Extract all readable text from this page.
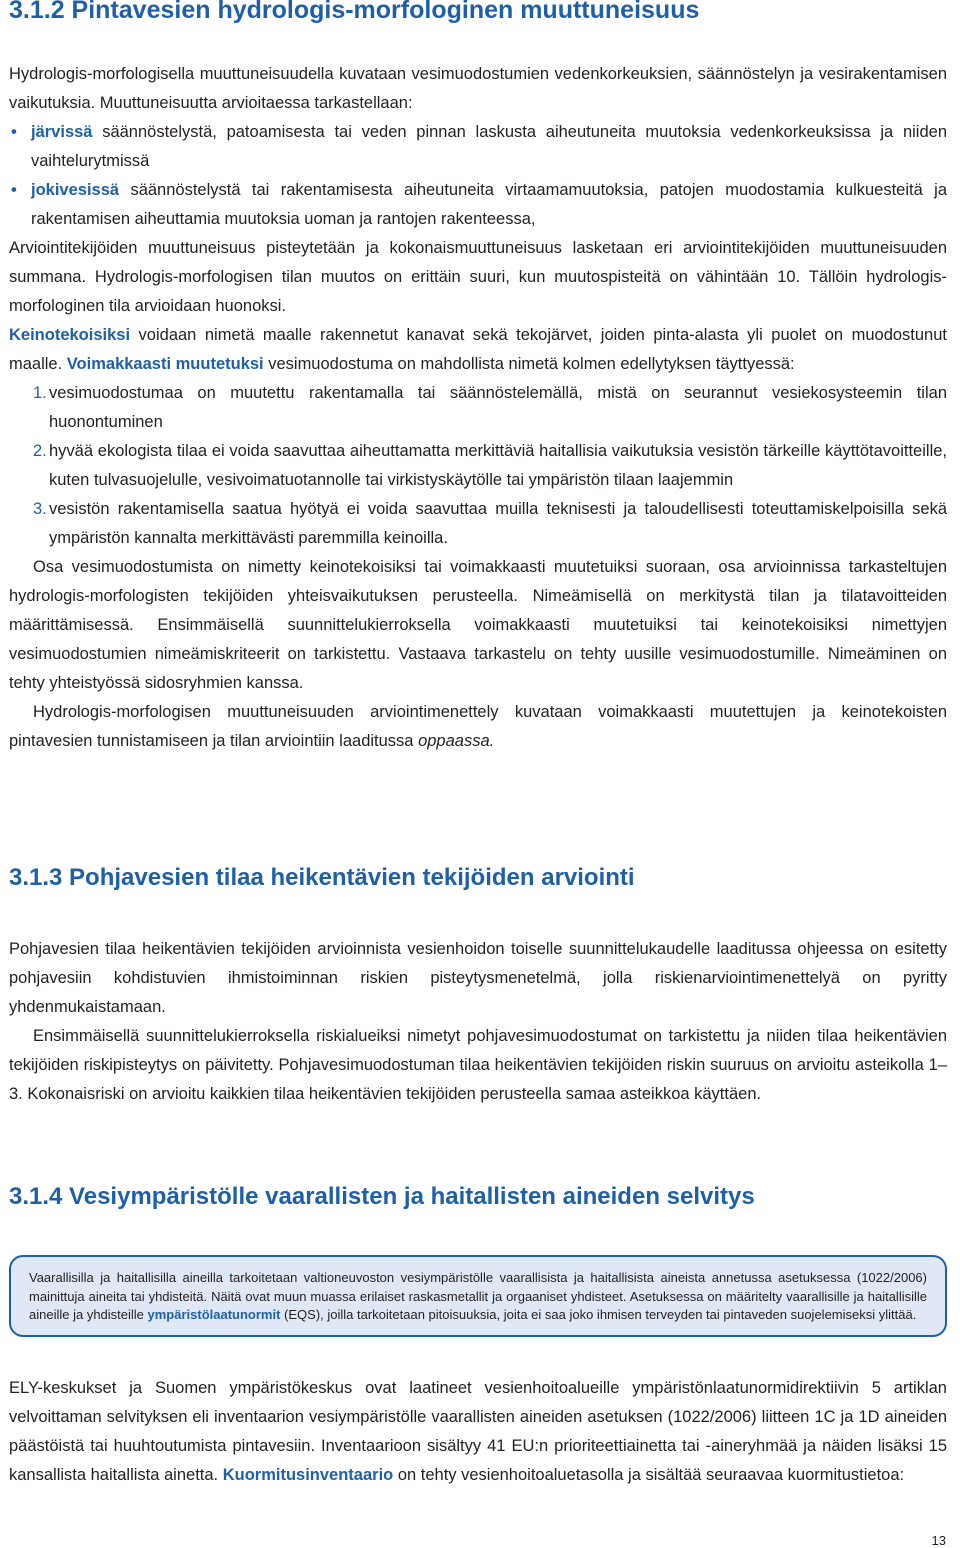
3.1.2 Pintavesien hydrologis-morfologinen muuttuneisuus

Hydrologis-morfologisella muuttuneisuudella kuvataan vesimuodostumien vedenkorkeuksien, säännöstelyn ja vesirakentamisen vaikutuksia. Muuttuneisuutta arvioitaessa tarkastellaan:

• järvissä säännöstelystä, patoamisesta tai veden pinnan laskusta aiheutuneita muutoksia vedenkorkeuksissa ja niiden vaihtelurytmissä

• jokivesissä säännöstelystä tai rakentamisesta aiheutuneita virtaamamuutoksia, patojen muodostamia kulkuesteitä ja rakentamisen aiheuttamia muutoksia uoman ja rantojen rakenteessa,

Arviointitekijöiden muuttuneisuus pisteytetään ja kokonaismuuttuneisuus lasketaan eri arviointitekijöiden muuttuneisuuden summana. Hydrologis-morfologisen tilan muutos on erittäin suuri, kun muutospisteitä on vähintään 10. Tällöin hydrologis-morfologinen tila arvioidaan huonoksi.

Keinotekoisiksi voidaan nimetä maalle rakennetut kanavat sekä tekojärvet, joiden pinta-alasta yli puolet on muodostunut maalle. Voimakkaasti muutetuksi vesimuodostuma on mahdollista nimetä kolmen edellytyksen täyttyessä:

1. vesimuodostumaa on muutettu rakentamalla tai säännöstelemällä, mistä on seurannut vesiekosysteemin tilan huonontuminen

2. hyvää ekologista tilaa ei voida saavuttaa aiheuttamatta merkittäviä haitallisia vaikutuksia vesistön tärkeille käyttötavoitteille, kuten tulvasuojelulle, vesivoimatuotannolle tai virkistyskäytölle tai ympäristön tilaan laajemmin

3. vesistön rakentamisella saatua hyötyä ei voida saavuttaa muilla teknisesti ja taloudellisesti toteuttamiskelpoisilla sekä ympäristön kannalta merkittävästi paremmilla keinoilla.

Osa vesimuodostumista on nimetty keinotekoisiksi tai voimakkaasti muutetuiksi suoraan, osa arvioinnissa tarkasteltujen hydrologis-morfologisten tekijöiden yhteisvaikutuksen perusteella. Nimeämisellä on merkitystä tilan ja tilatavoitteiden määrittämisessä. Ensimmäisellä suunnittelukierroksella voimakkaasti muutetuiksi tai keinotekoisiksi nimettyjen vesimuodostumien nimeämiskriteerit on tarkistettu. Vastaava tarkastelu on tehty uusille vesimuodostumille. Nimeäminen on tehty yhteistyössä sidosryhmien kanssa.

Hydrologis-morfologisen muuttuneisuuden arviointimenettely kuvataan voimakkaasti muutettujen ja keinotekoisten pintavesien tunnistamiseen ja tilan arviointiin laaditussa oppaassa.

3.1.3 Pohjavesien tilaa heikentävien tekijöiden arviointi

Pohjavesien tilaa heikentävien tekijöiden arvioinnista vesienhoidon toiselle suunnittelukaudelle laaditussa ohjeessa on esitetty pohjavesiin kohdistuvien ihmistoiminnan riskien pisteytysmenetelmä, jolla riskienarviointimenettelyä on pyritty yhdenmukaistamaan.

Ensimmäisellä suunnittelukierroksella riskialueiksi nimetyt pohjavesimuodostumat on tarkistettu ja niiden tilaa heikentävien tekijöiden riskipisteytys on päivitetty. Pohjavesimuodostuman tilaa heikentävien tekijöiden riskin suuruus on arvioitu asteikolla 1–3. Kokonaisriski on arvioitu kaikkien tilaa heikentävien tekijöiden perusteella samaa asteikkoa käyttäen.

3.1.4 Vesiympäristölle vaarallisten ja haitallisten aineiden selvitys
Vaarallisilla ja haitallisilla aineilla tarkoitetaan valtioneuvoston vesiympäristölle vaarallisista ja haitallisista aineista annetussa asetuksessa (1022/2006) mainittuja aineita tai yhdisteitä. Näitä ovat muun muassa erilaiset raskasmetallit ja orgaaniset yhdisteet. Asetuksessa on määritelty vaarallisille ja haitallisille aineille ja yhdisteille ympäristölaatunormit (EQS), joilla tarkoitetaan pitoisuuksia, joita ei saa joko ihmisen terveyden tai pintaveden suojelemiseksi ylittää.

ELY-keskukset ja Suomen ympäristökeskus ovat laatineet vesienhoitoalueille ympäristönlaatunormidirektiivin 5 artiklan velvoittaman selvityksen eli inventaarion vesiympäristölle vaarallisten aineiden asetuksen (1022/2006) liitteen 1C ja 1D aineiden päästöistä tai huuhtoutumista pintavesiin. Inventaarioon sisältyy 41 EU:n prioriteettiainetta tai -aineryhmää ja näiden lisäksi 15 kansallista haitallista ainetta. Kuormitusinventaario on tehty vesienhoitoaluetasolla ja sisältää seuraavaa kuormitustietoa:

13
